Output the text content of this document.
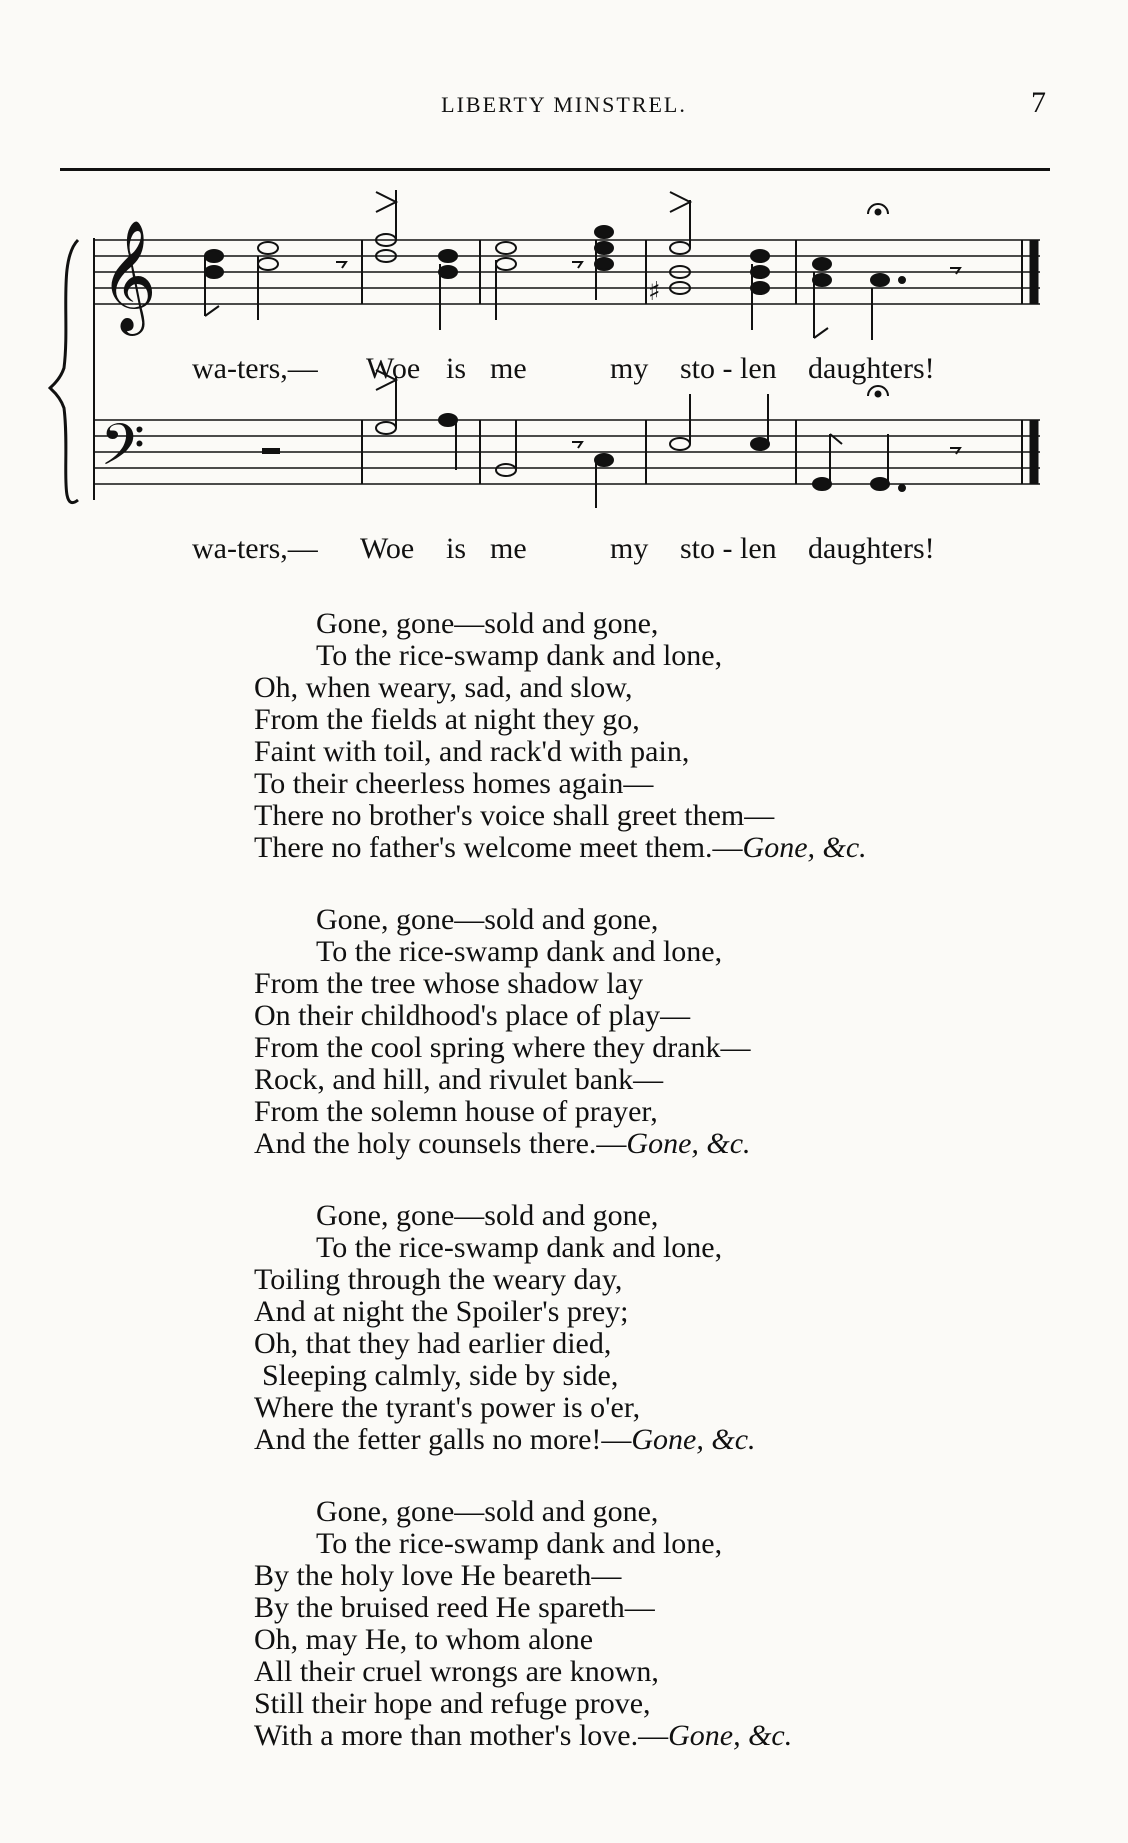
LIBERTY MINSTREL.	7
𝄞
𝄢
♯
wa-ters,— Woe is me	my sto - len daughters!
wa-ters,— Woe is me	my sto - len daughters!
Gone, gone—sold and gone,
To the rice-swamp dank and lone,
Oh, when weary, sad, and slow,
From the fields at night they go,
Faint with toil, and rack'd with pain,
To their cheerless homes again—
There no brother's voice shall greet them—
There no father's welcome meet them.—Gone, &c.
Gone, gone—sold and gone,
To the rice-swamp dank and lone,
From the tree whose shadow lay
On their childhood's place of play—
From the cool spring where they drank—
Rock, and hill, and rivulet bank—
From the solemn house of prayer,
And the holy counsels there.—Gone, &c.
Gone, gone—sold and gone,
To the rice-swamp dank and lone,
Toiling through the weary day,
And at night the Spoiler's prey;
Oh, that they had earlier died,
Sleeping calmly, side by side,
Where the tyrant's power is o'er,
And the fetter galls no more!—Gone, &c.
Gone, gone—sold and gone,
To the rice-swamp dank and lone,
By the holy love He beareth—
By the bruised reed He spareth—
Oh, may He, to whom alone
All their cruel wrongs are known,
Still their hope and refuge prove,
With a more than mother's love.—Gone, &c.
